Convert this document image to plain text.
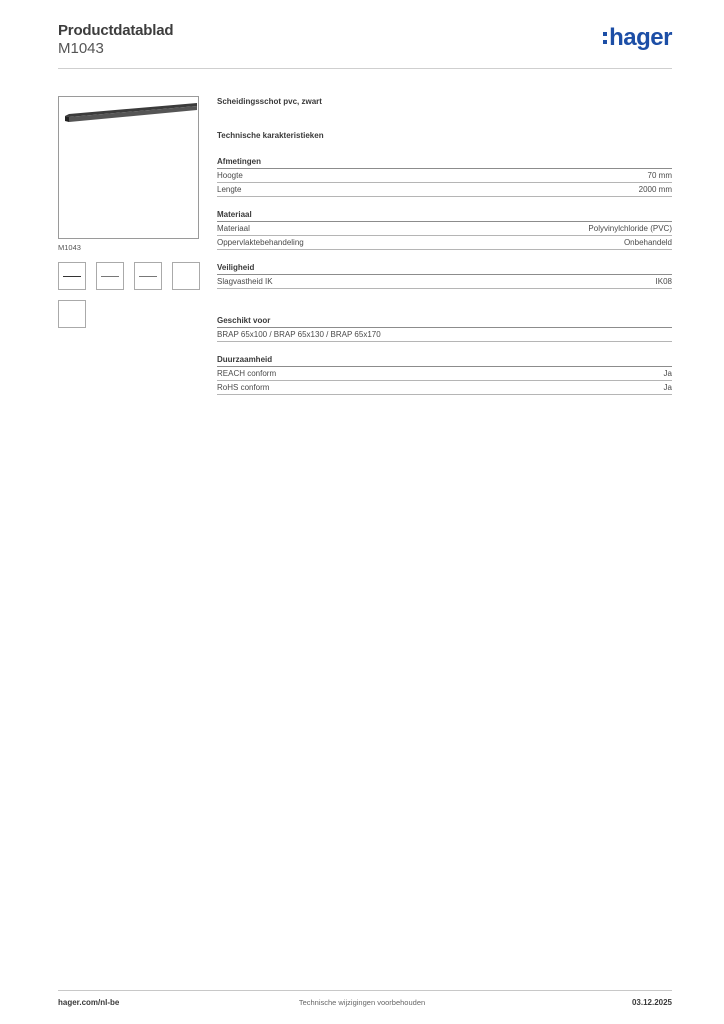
Productdatablad
M1043	hager
M1043
Scheidingsschot pvc, zwart
Technische karakteristieken
Afmetingen
Hoogte	70 mm
Lengte	2000 mm
Materiaal
Materiaal	Polyvinylchloride (PVC)
Oppervlaktebehandeling	Onbehandeld
Veiligheid
Slagvastheid IK	IK08
Geschikt voor
BRAP 65x100 / BRAP 65x130 / BRAP 65x170
Duurzaamheid
REACH conform	Ja
RoHS conform	Ja
hager.com/nl-be	Technische wijzigingen voorbehouden	03.12.2025
